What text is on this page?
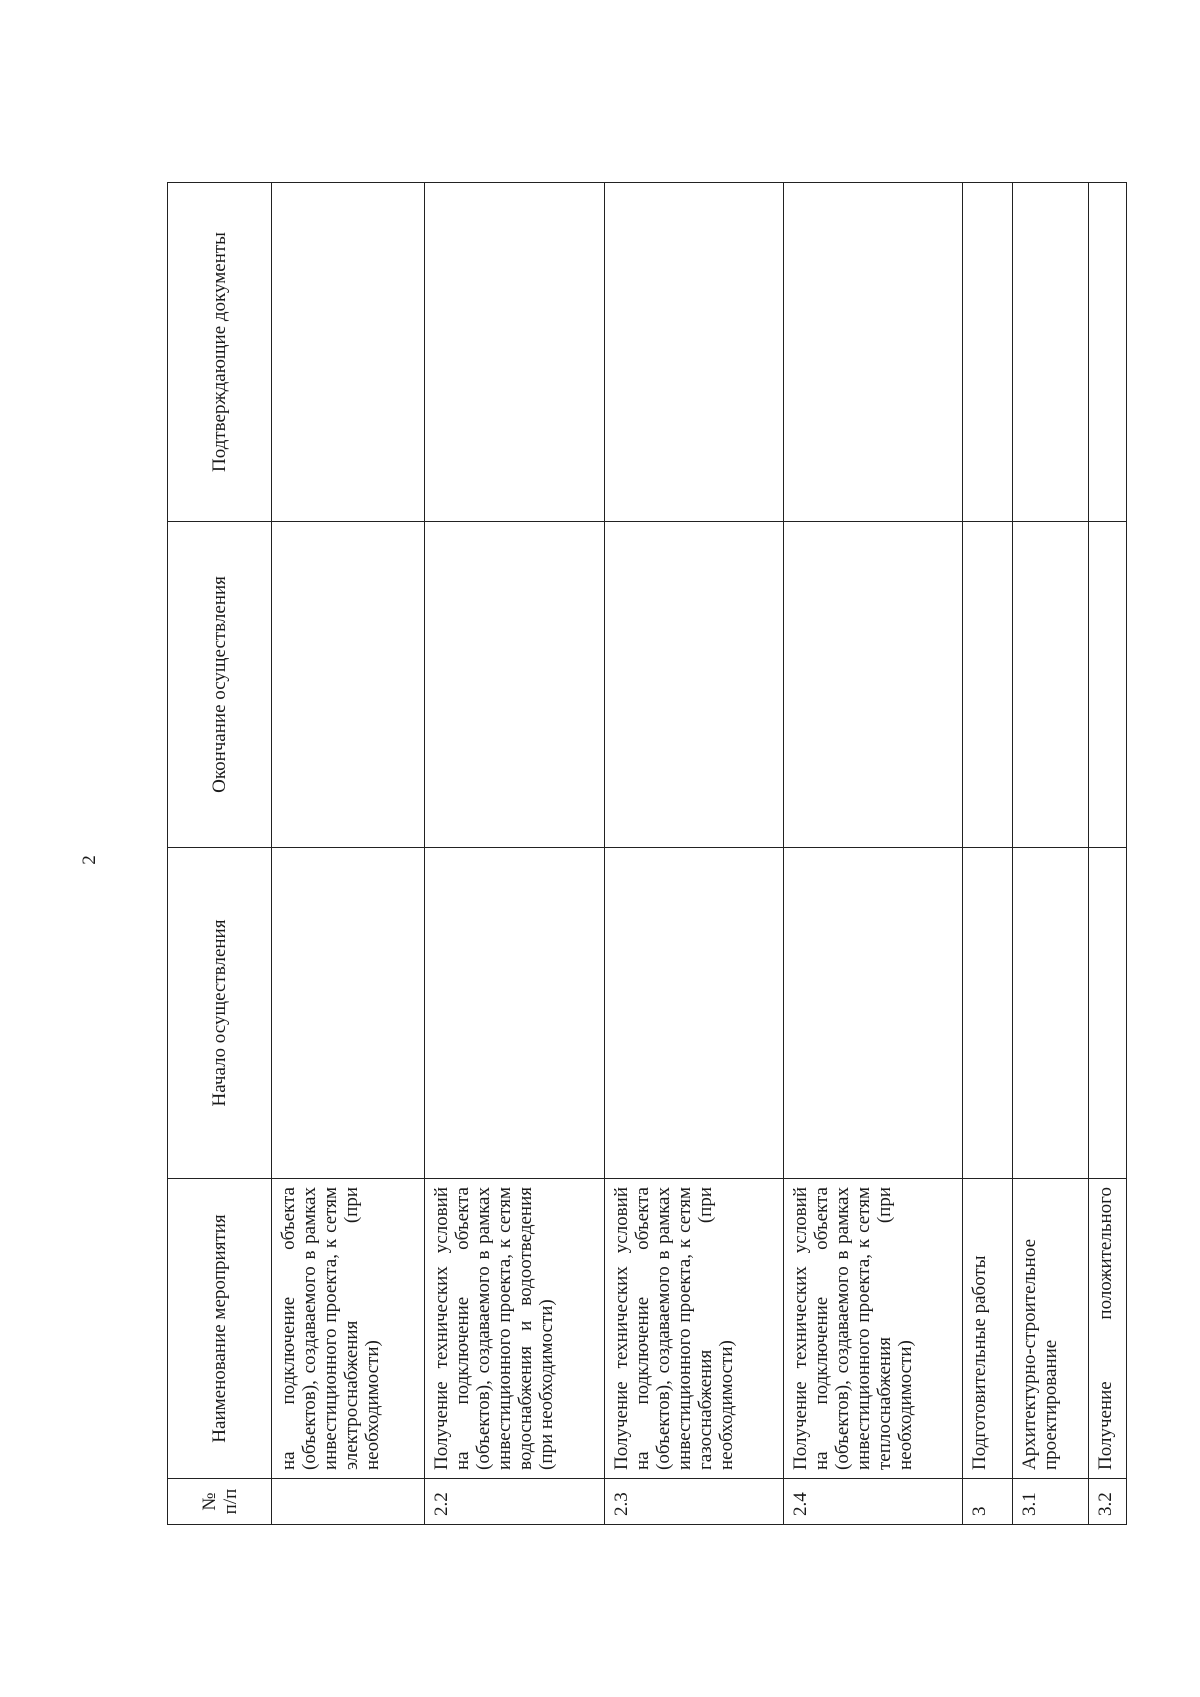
2
№ п/п	Наименование мероприятия	Начало осуществления	Окончание осуществления	Подтверждающие документы
	на подключение объекта (объектов), создаваемого в рамках инвестиционного проекта, к сетям электроснабжения (при необходимости)			
2.2	Получение технических условий на подключение объекта (объектов), создаваемого в рамках инвестиционного проекта, к сетям водоснабжения и водоотведения (при необходимости)			
2.3	Получение технических условий на подключение объекта (объектов), создаваемого в рамках инвестиционного проекта, к сетям газоснабжения (при необходимости)			
2.4	Получение технических условий на подключение объекта (объектов), создаваемого в рамках инвестиционного проекта, к сетям теплоснабжения (при необходимости)			
3	Подготовительные работы			
3.1	Архитектурно-строительное проектирование			
3.2	Получение положительного			
